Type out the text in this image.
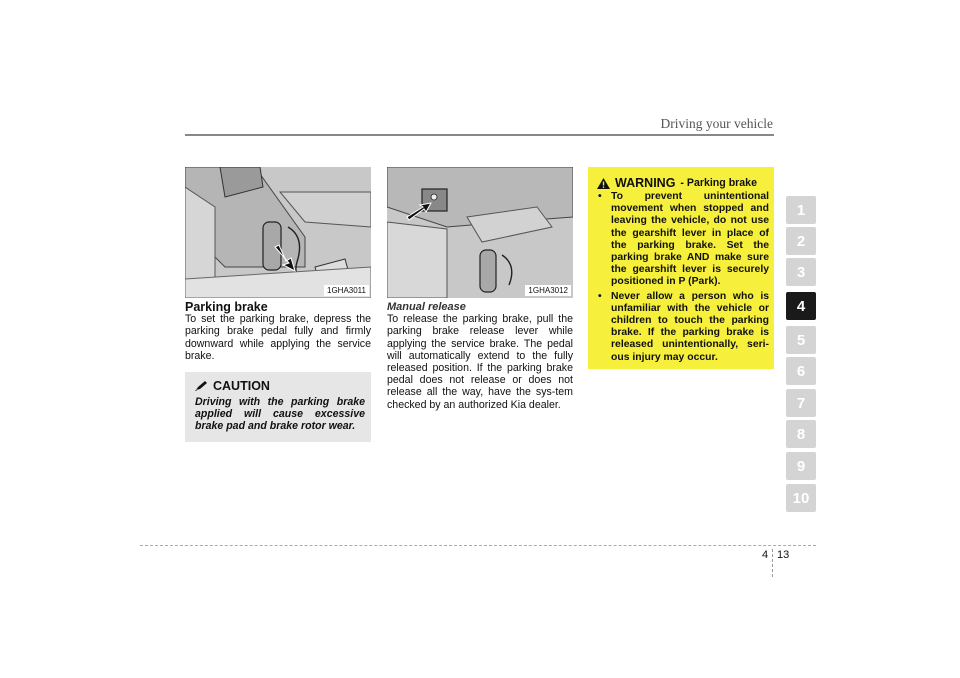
Driving your vehicle
1GHA3011

Parking brake

To set the parking brake, depress the parking brake pedal fully and firmly downward while applying the service brake.

CAUTION
Driving with the parking brake applied will cause excessive brake pad and brake rotor wear.
1GHA3012

Manual release

To release the parking brake, pull the parking brake release lever while applying the service brake. The pedal will automatically extend to the fully released position. If the parking brake pedal does not release or does not release all the way, have the sys-tem checked by an authorized Kia dealer.

WARNING - Parking brake
• To prevent unintentional movement when stopped and leaving the vehicle, do not use the gearshift lever in place of the parking brake. Set the parking brake AND make sure the gearshift lever is securely positioned in P (Park).
• Never allow a person who is unfamiliar with the vehicle or children to touch the parking brake. If the parking brake is released unintentionally, seri-ous injury may occur.
1
2
3
4
5
6
7
8
9
10
4 13
